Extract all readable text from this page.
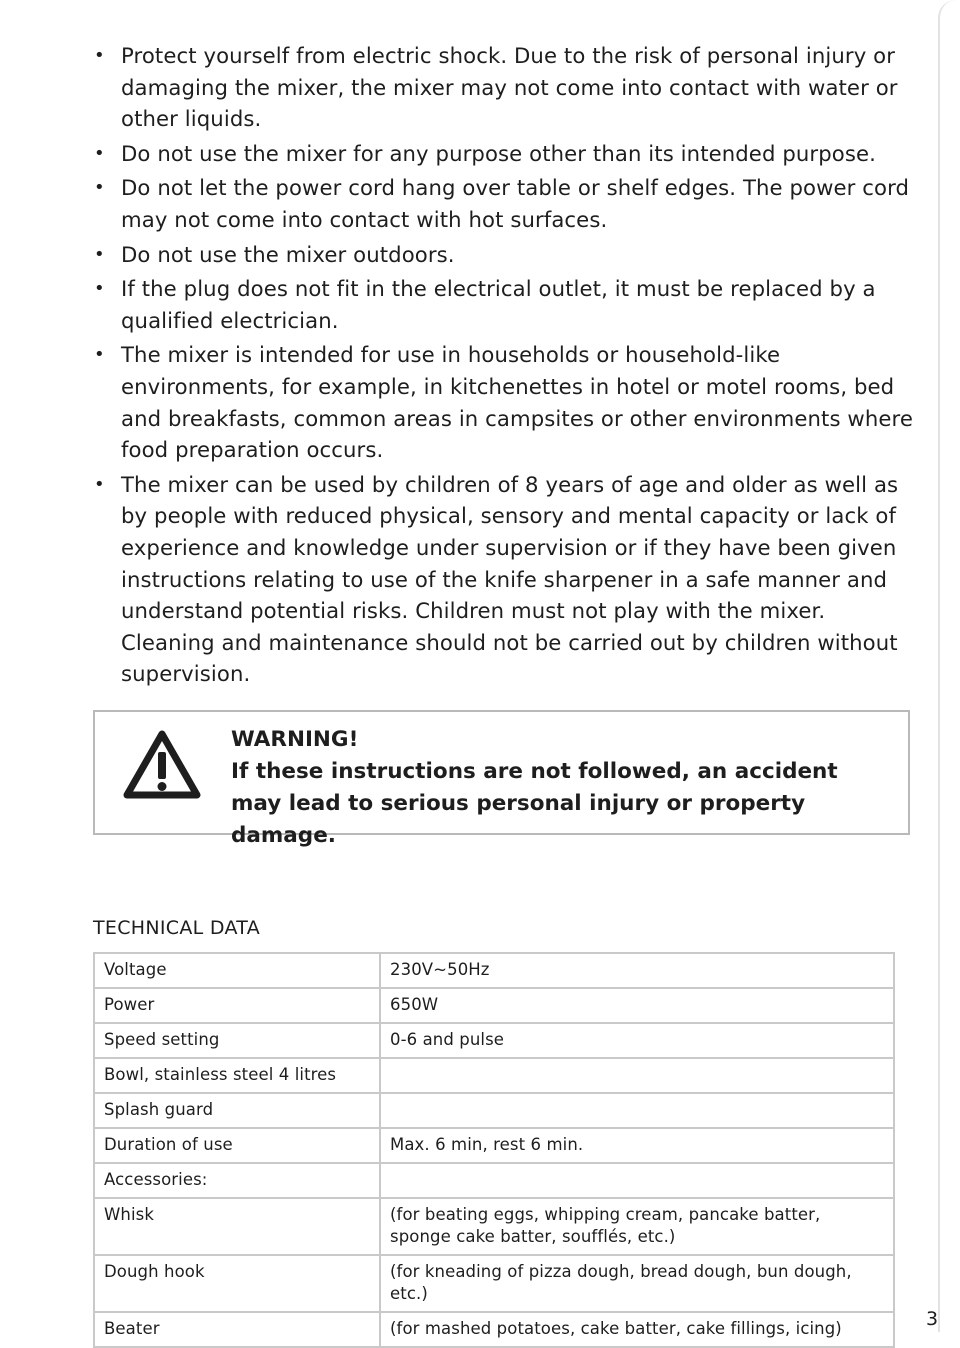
• Protect yourself from electric shock. Due to the risk of personal injury or damaging the mixer, the mixer may not come into contact with water or other liquids.
• Do not use the mixer for any purpose other than its intended purpose.
• Do not let the power cord hang over table or shelf edges. The power cord may not come into contact with hot surfaces.
• Do not use the mixer outdoors.
• If the plug does not fit in the electrical outlet, it must be replaced by a qualified electrician.
• The mixer is intended for use in households or household-like environments, for example, in kitchenettes in hotel or motel rooms, bed and breakfasts, common areas in campsites or other environments where food preparation occurs.
• The mixer can be used by children of 8 years of age and older as well as by people with reduced physical, sensory and mental capacity or lack of experience and knowledge under supervision or if they have been given instructions relating to use of the knife sharpener in a safe manner and understand potential risks. Children must not play with the mixer. Cleaning and maintenance should not be carried out by children without supervision.
WARNING!
If these instructions are not followed, an accident may lead to serious personal injury or property damage.
TECHNICAL DATA
Voltage	230V~50Hz
Power	650W
Speed setting	0-6 and pulse
Bowl, stainless steel 4 litres	
Splash guard	
Duration of use	Max. 6 min, rest 6 min.
Accessories:	
Whisk	(for beating eggs, whipping cream, pancake batter, sponge cake batter, soufflés, etc.)
Dough hook	(for kneading of pizza dough, bread dough, bun dough, etc.)
Beater	(for mashed potatoes, cake batter, cake fillings, icing)	3
